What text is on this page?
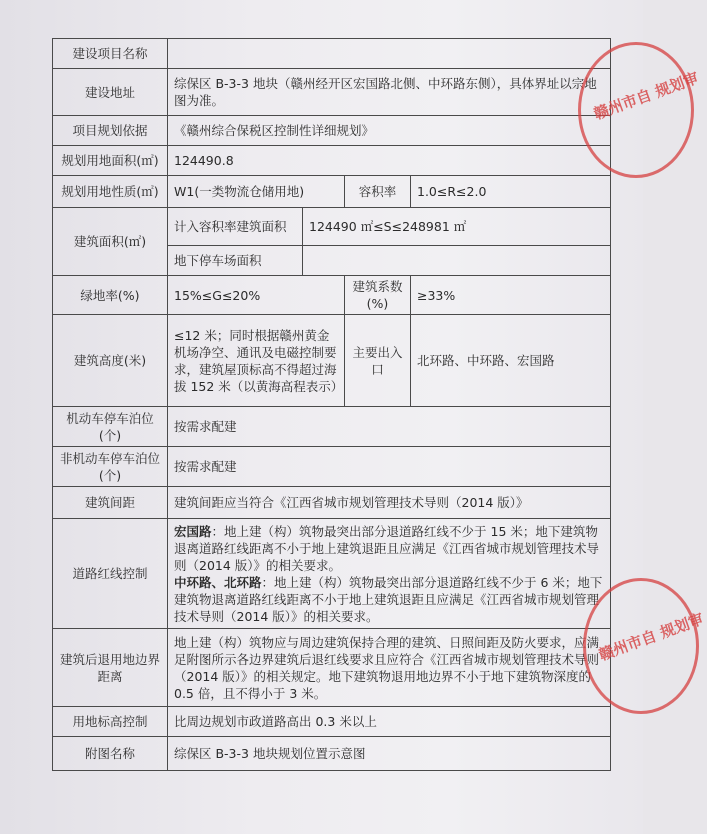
建设项目名称				
建设地址	综保区 B-3-3 地块（赣州经开区宏国路北侧、中环路东侧），具体界址以宗地图为准。			
项目规划依据	《赣州综合保税区控制性详细规划》			
规划用地面积(㎡)	124490.8			
规划用地性质(㎡)	W1(一类物流仓储用地)		容积率	1.0≤R≤2.0
建筑面积(㎡)	计入容积率建筑面积	124490 ㎡≤S≤248981 ㎡		
	地下停车场面积			
绿地率(%)	15%≤G≤20%		建筑系数(%)	≥33%
建筑高度(米)	≤12 米；同时根据赣州黄金机场净空、通讯及电磁控制要求，建筑屋顶标高不得超过海拔 152 米（以黄海高程表示）		主要出入口	北环路、中环路、宏国路
机动车停车泊位(个)	按需求配建			
非机动车停车泊位(个)	按需求配建			
建筑间距	建筑间距应当符合《江西省城市规划管理技术导则（2014 版）》			
道路红线控制	宏国路：地上建（构）筑物最突出部分退道路红线不少于 15 米；地下建筑物退离道路红线距离不小于地上建筑退距且应满足《江西省城市规划管理技术导则（2014 版）》的相关要求。
中环路、北环路：地上建（构）筑物最突出部分退道路红线不少于 6 米；地下建筑物退离道路红线距离不小于地上建筑退距且应满足《江西省城市规划管理技术导则（2014 版）》的相关要求。			
建筑后退用地边界距离	地上建（构）筑物应与周边建筑保持合理的建筑、日照间距及防火要求，应满足附图所示各边界建筑后退红线要求且应符合《江西省城市规划管理技术导则（2014 版）》的相关规定。地下建筑物退用地边界不小于地下建筑物深度的 0.5 倍，且不得小于 3 米。			
用地标高控制	比周边规划市政道路高出 0.3 米以上			
附图名称	综保区 B-3-3 地块规划位置示意图			
赣州市自 规划审
赣州市自 规划审
